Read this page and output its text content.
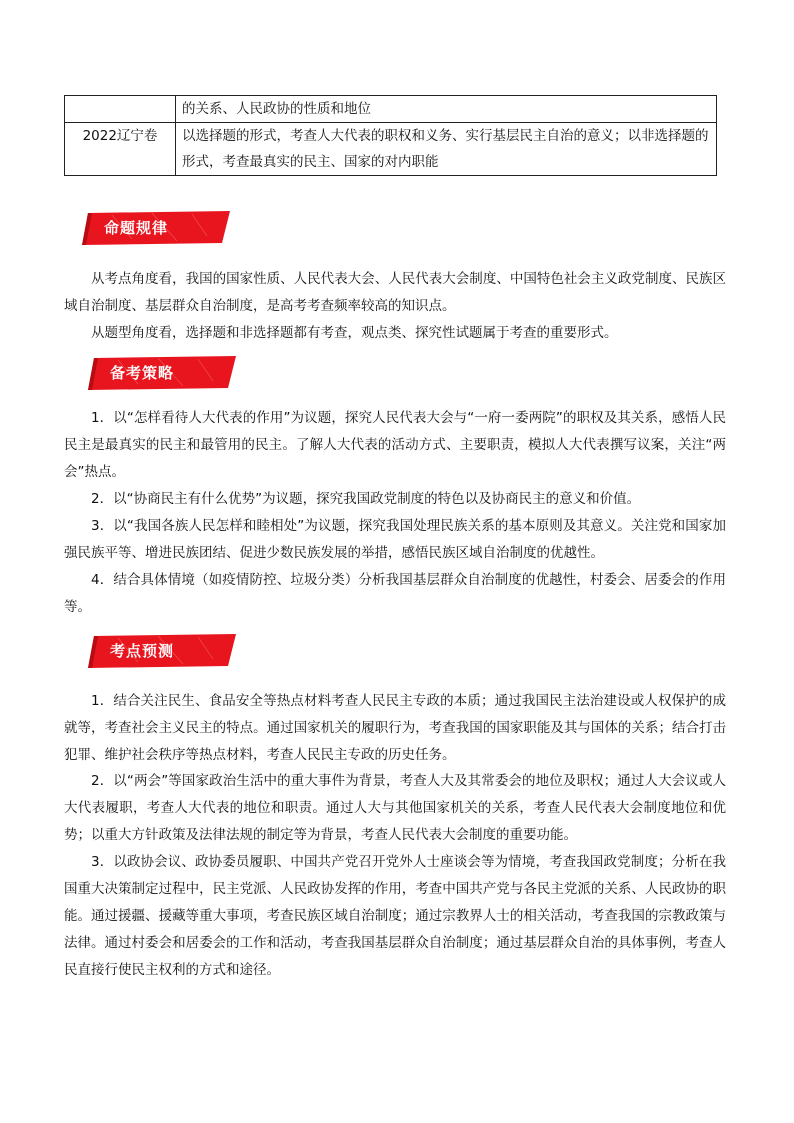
	的关系、人民政协的性质和地位
2022辽宁卷	以选择题的形式，考查人大代表的职权和义务、实行基层民主自治的意义；以非选择题的形式，考查最真实的民主、国家的对内职能
命题规律

从考点角度看，我国的国家性质、人民代表大会、人民代表大会制度、中国特色社会主义政党制度、民族区域自治制度、基层群众自治制度，是高考考查频率较高的知识点。

从题型角度看，选择题和非选择题都有考查，观点类、探究性试题属于考查的重要形式。

备考策略

1．以“怎样看待人大代表的作用”为议题，探究人民代表大会与“一府一委两院”的职权及其关系，感悟人民民主是最真实的民主和最管用的民主。了解人大代表的活动方式、主要职责，模拟人大代表撰写议案，关注“两会”热点。

2．以“协商民主有什么优势”为议题，探究我国政党制度的特色以及协商民主的意义和价值。

3．以“我国各族人民怎样和睦相处”为议题，探究我国处理民族关系的基本原则及其意义。关注党和国家加强民族平等、增进民族团结、促进少数民族发展的举措，感悟民族区域自治制度的优越性。

4．结合具体情境（如疫情防控、垃圾分类）分析我国基层群众自治制度的优越性，村委会、居委会的作用等。

考点预测

1．结合关注民生、食品安全等热点材料考查人民民主专政的本质；通过我国民主法治建设或人权保护的成就等，考查社会主义民主的特点。通过国家机关的履职行为，考查我国的国家职能及其与国体的关系；结合打击犯罪、维护社会秩序等热点材料，考查人民民主专政的历史任务。

2．以“两会”等国家政治生活中的重大事件为背景，考查人大及其常委会的地位及职权；通过人大会议或人大代表履职，考查人大代表的地位和职责。通过人大与其他国家机关的关系，考查人民代表大会制度地位和优势；以重大方针政策及法律法规的制定等为背景，考查人民代表大会制度的重要功能。

3．以政协会议、政协委员履职、中国共产党召开党外人士座谈会等为情境，考查我国政党制度；分析在我国重大决策制定过程中，民主党派、人民政协发挥的作用，考查中国共产党与各民主党派的关系、人民政协的职能。通过援疆、援藏等重大事项，考查民族区域自治制度；通过宗教界人士的相关活动，考查我国的宗教政策与法律。通过村委会和居委会的工作和活动，考查我国基层群众自治制度；通过基层群众自治的具体事例，考查人民直接行使民主权利的方式和途径。
